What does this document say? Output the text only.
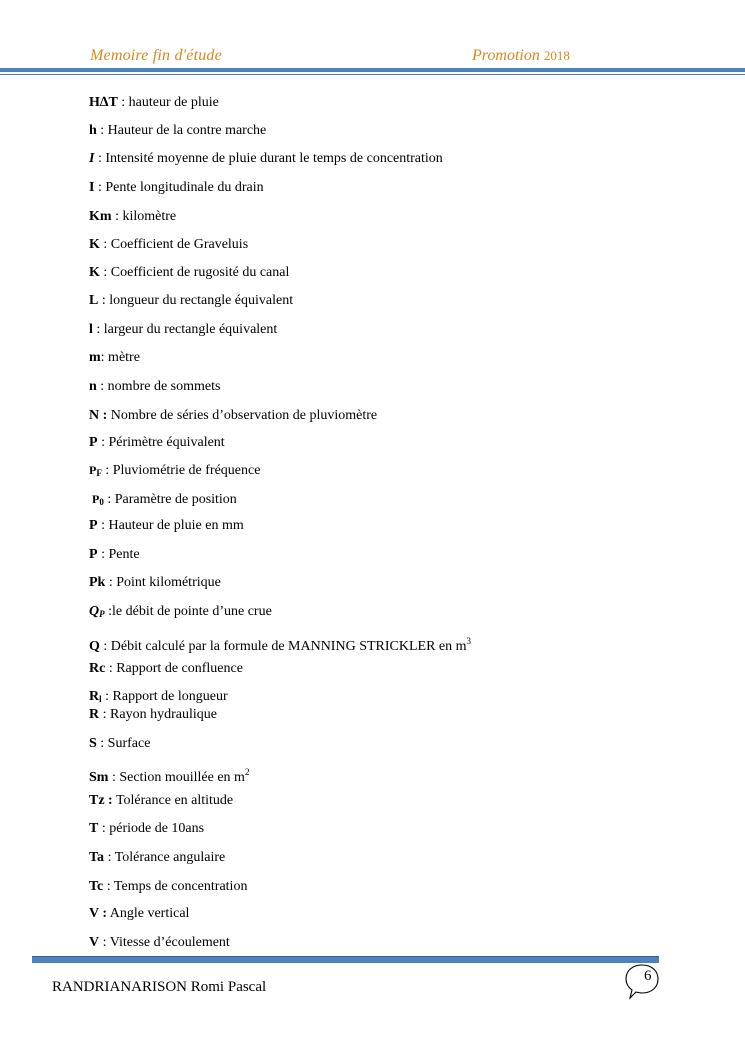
Memoire fin d'étude	Promotion 2018
H∆T : hauteur de pluie
h : Hauteur de la contre marche
I : Intensité moyenne de pluie durant le temps de concentration
I : Pente longitudinale du drain
Km : kilomètre
K : Coefficient de Graveluis
K : Coefficient de rugosité du canal
L : longueur du rectangle équivalent
l : largeur du rectangle équivalent
m: mètre
n : nombre de sommets
N : Nombre de séries d’observation de pluviomètre
P : Périmètre équivalent
$P_F$ : Pluviométrie de fréquence
$P_0$ : Paramètre de position
P : Hauteur de pluie en mm
P : Pente
Pk : Point kilométrique
$Q_P$ :le débit de pointe d’une crue
Q : Débit calculé par la formule de MANNING STRICKLER en $m^3$
Rc : Rapport de confluence
$R_l$ : Rapport de longueur
R : Rayon hydraulique
S : Surface
Sm : Section mouillée en $m^2$
Tz : Tolérance en altitude
T : période de 10ans
Ta : Tolérance angulaire
Tc : Temps de concentration
V : Angle vertical
V : Vitesse d’écoulement
RANDRIANARISON Romi Pascal
6
